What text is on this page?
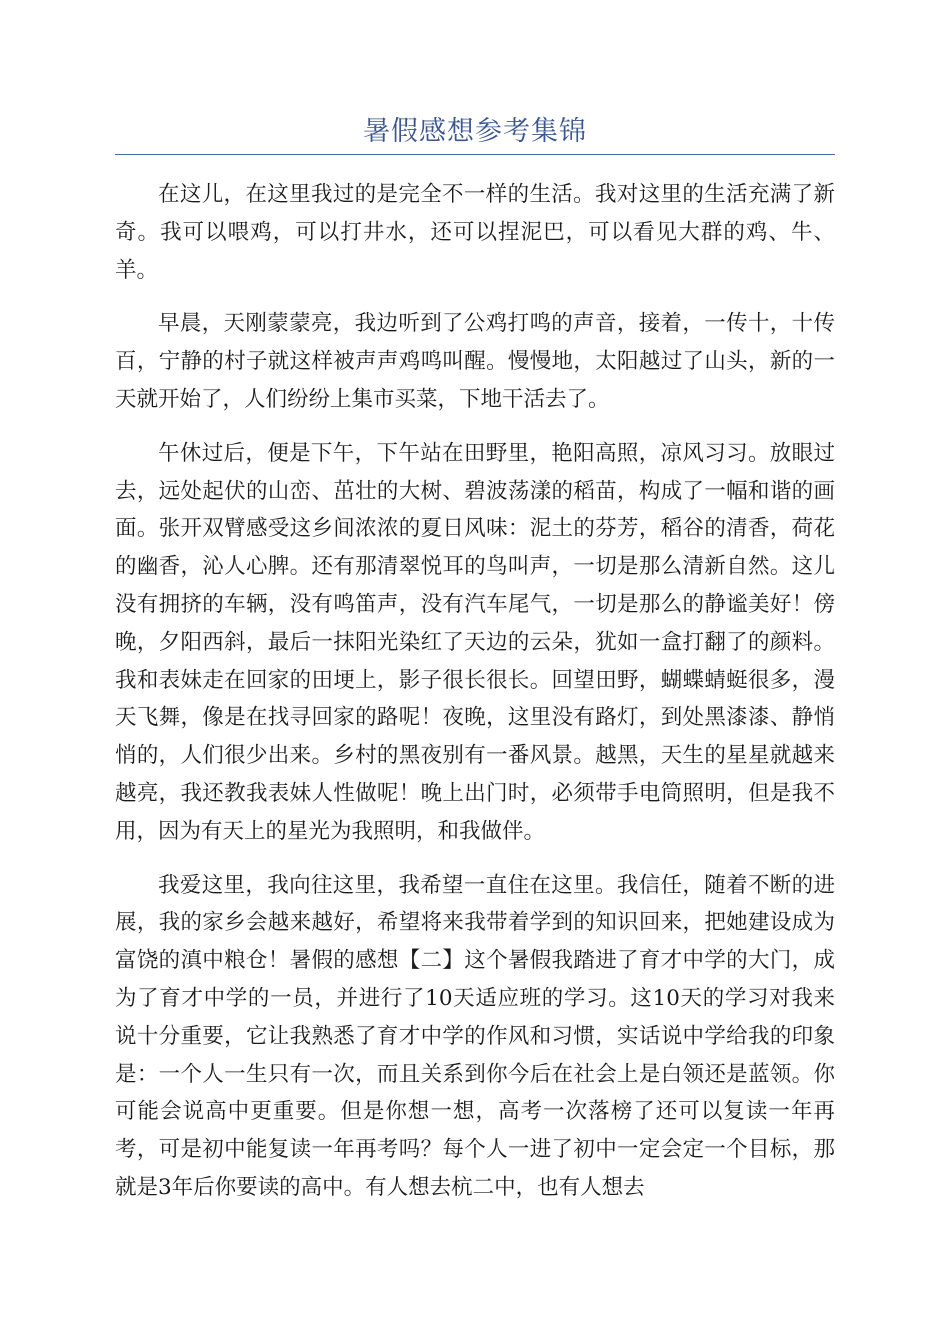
暑假感想参考集锦

在这儿，在这里我过的是完全不一样的生活。我对这里的生活充满了新奇。我可以喂鸡，可以打井水，还可以捏泥巴，可以看见大群的鸡、牛、羊。

早晨，天刚蒙蒙亮，我边听到了公鸡打鸣的声音，接着，一传十，十传百，宁静的村子就这样被声声鸡鸣叫醒。慢慢地，太阳越过了山头，新的一天就开始了，人们纷纷上集市买菜，下地干活去了。

午休过后，便是下午，下午站在田野里，艳阳高照，凉风习习。放眼过去，远处起伏的山峦、茁壮的大树、碧波荡漾的稻苗，构成了一幅和谐的画面。张开双臂感受这乡间浓浓的夏日风味：泥土的芬芳，稻谷的清香，荷花的幽香，沁人心脾。还有那清翠悦耳的鸟叫声，一切是那么清新自然。这儿没有拥挤的车辆，没有鸣笛声，没有汽车尾气，一切是那么的静谧美好！傍晚，夕阳西斜，最后一抹阳光染红了天边的云朵，犹如一盒打翻了的颜料。我和表妹走在回家的田埂上，影子很长很长。回望田野，蝴蝶蜻蜓很多，漫天飞舞，像是在找寻回家的路呢！夜晚，这里没有路灯，到处黑漆漆、静悄悄的，人们很少出来。乡村的黑夜别有一番风景。越黑，天生的星星就越来越亮，我还教我表妹人性做呢！晚上出门时，必须带手电筒照明，但是我不用，因为有天上的星光为我照明，和我做伴。

我爱这里，我向往这里，我希望一直住在这里。我信任，随着不断的进展，我的家乡会越来越好，希望将来我带着学到的知识回来，把她建设成为富饶的滇中粮仓！暑假的感想【二】这个暑假我踏进了育才中学的大门，成为了育才中学的一员，并进行了10天适应班的学习。这10天的学习对我来说十分重要，它让我熟悉了育才中学的作风和习惯，实话说中学给我的印象是：一个人一生只有一次，而且关系到你今后在社会上是白领还是蓝领。你可能会说高中更重要。但是你想一想，高考一次落榜了还可以复读一年再考，可是初中能复读一年再考吗？每个人一进了初中一定会定一个目标，那就是3年后你要读的高中。有人想去杭二中，也有人想去
